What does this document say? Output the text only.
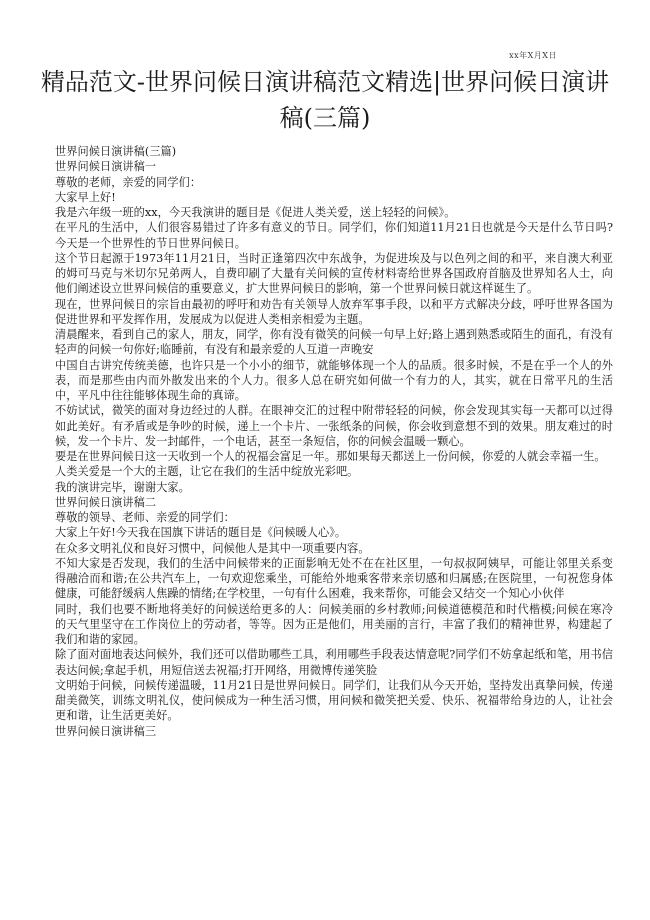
xx年X月X日
精品范文-世界问候日演讲稿范文精选|世界问候日演讲稿(三篇)

世界问候日演讲稿(三篇)

世界问候日演讲稿一

尊敬的老师，亲爱的同学们：

大家早上好!

我是六年级一班的xx，今天我演讲的题目是《促进人类关爱，送上轻轻的问候》。

在平凡的生活中，人们很容易错过了许多有意义的节日。同学们，你们知道11月21日也就是今天是什么节日吗?今天是一个世界性的节日世界问候日。

这个节日起源于1973年11月21日，当时正逢第四次中东战争，为促进埃及与以色列之间的和平，来自澳大利亚的姆可马克与米切尔兄弟两人，自费印刷了大量有关问候的宣传材料寄给世界各国政府首脑及世界知名人士，向他们阐述设立世界问候信的重要意义，扩大世界问候日的影响，第一个世界问候日就这样诞生了。

现在，世界问候日的宗旨由最初的呼吁和劝告有关领导人放弃军事手段，以和平方式解决分歧，呼吁世界各国为促进世界和平发挥作用，发展成为以促进人类相亲相爱为主题。

清晨醒来，看到自己的家人，朋友，同学，你有没有微笑的问候一句早上好;路上遇到熟悉或陌生的面孔，有没有轻声的问候一句你好;临睡前，有没有和最亲爱的人互道一声晚安

中国自古讲究传统美德，也许只是一个小小的细节，就能够体现一个人的品质。很多时候，不是在乎一个人的外表，而是那些由内而外散发出来的个人力。很多人总在研究如何做一个有力的人，其实，就在日常平凡的生活中，平凡中往往能够体现生命的真谛。

不妨试试，微笑的面对身边经过的人群。在眼神交汇的过程中附带轻轻的问候，你会发现其实每一天都可以过得如此美好。有矛盾或是争吵的时候，递上一个卡片、一张纸条的问候，你会收到意想不到的效果。朋友难过的时候，发一个卡片、发一封邮件，一个电话，甚至一条短信，你的问候会温暖一颗心。

要是在世界问候日这一天收到一个人的祝福会富足一年。那如果每天都送上一份问候，你爱的人就会幸福一生。

人类关爱是一个大的主题，让它在我们的生活中绽放光彩吧。

我的演讲完毕，谢谢大家。

世界问候日演讲稿二

尊敬的领导、老师、亲爱的同学们：

大家上午好!今天我在国旗下讲话的题目是《问候暖人心》。

在众多文明礼仪和良好习惯中，问候他人是其中一项重要内容。

不知大家是否发现，我们的生活中问候带来的正面影响无处不在在社区里，一句叔叔阿姨早，可能让邻里关系变得融洽而和谐;在公共汽车上，一句欢迎您乘坐，可能给外地乘客带来亲切感和归属感;在医院里，一句祝您身体健康，可能舒缓病人焦躁的情绪;在学校里，一句有什么困难，我来帮你，可能会又结交一个知心小伙伴

同时，我们也要不断地将美好的问候送给更多的人：问候美丽的乡村教师;问候道德模范和时代楷模;问候在寒冷的天气里坚守在工作岗位上的劳动者，等等。因为正是他们，用美丽的言行，丰富了我们的精神世界，构建起了我们和谐的家园。

除了面对面地表达问候外，我们还可以借助哪些工具，利用哪些手段表达情意呢?同学们不妨拿起纸和笔，用书信表达问候;拿起手机，用短信送去祝福;打开网络，用微博传递笑脸

文明始于问候，问候传递温暖，11月21日是世界问候日。同学们，让我们从今天开始，坚持发出真挚问候，传递甜美微笑，训练文明礼仪，使问候成为一种生活习惯，用问候和微笑把关爱、快乐、祝福带给身边的人，让社会更和谐，让生活更美好。

世界问候日演讲稿三
